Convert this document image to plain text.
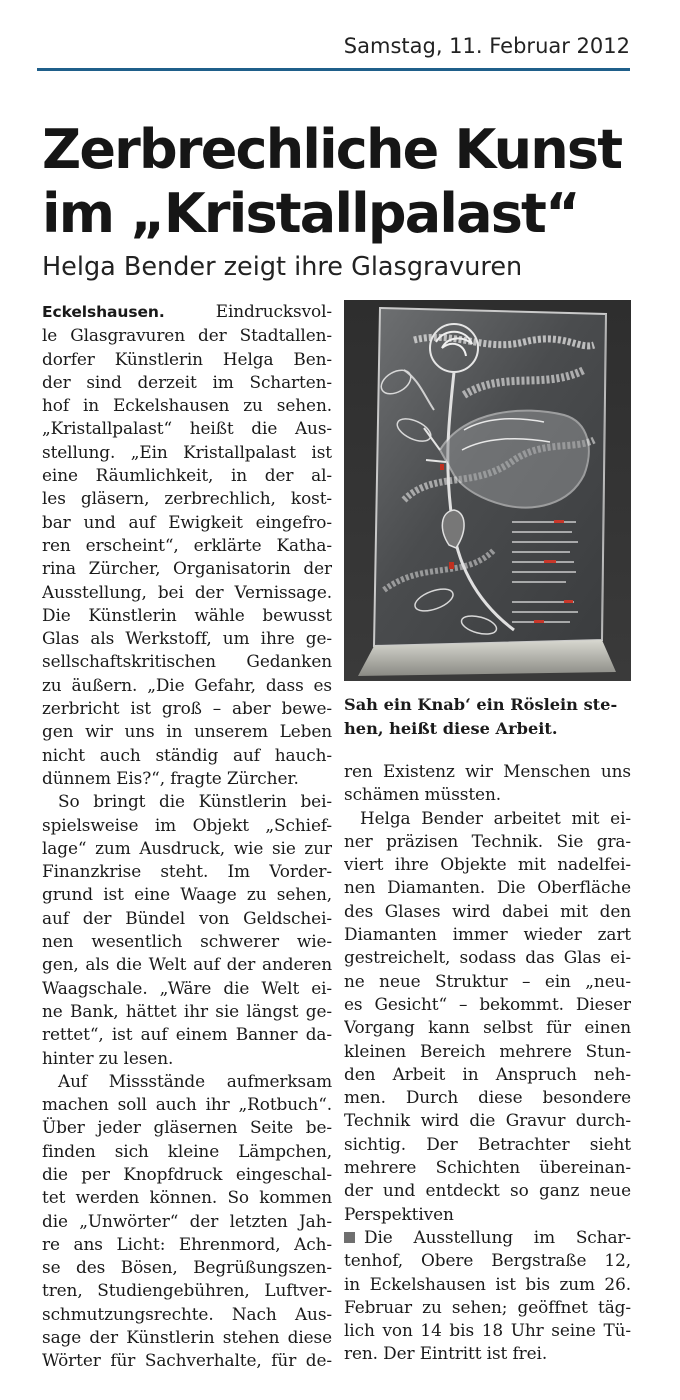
Samstag, 11. Februar 2012
Zerbrechliche Kunst
im „Kristallpalast“
Helga Bender zeigt ihre Glasgravuren
Eckelshausen. Eindrucksvol-
le Glasgravuren der Stadtallen-
dorfer Künstlerin Helga Ben-
der sind derzeit im Scharten-
hof in Eckelshausen zu sehen.
„Kristallpalast“ heißt die Aus-
stellung. „Ein Kristallpalast ist
eine Räumlichkeit, in der al-
les gläsern, zerbrechlich, kost-
bar und auf Ewigkeit eingefro-
ren erscheint“, erklärte Katha-
rina Zürcher, Organisatorin der
Ausstellung, bei der Vernissage.
Die Künstlerin wähle bewusst
Glas als Werkstoff, um ihre ge-
sellschaftskritischen Gedanken
zu äußern. „Die Gefahr, dass es
zerbricht ist groß – aber bewe-
gen wir uns in unserem Leben
nicht auch ständig auf hauch-
dünnem Eis?“, fragte Zürcher.
So bringt die Künstlerin bei-
spielsweise im Objekt „Schief-
lage“ zum Ausdruck, wie sie zur
Finanzkrise steht. Im Vorder-
grund ist eine Waage zu sehen,
auf der Bündel von Geldschei-
nen wesentlich schwerer wie-
gen, als die Welt auf der anderen
Waagschale. „Wäre die Welt ei-
ne Bank, hättet ihr sie längst ge-
rettet“, ist auf einem Banner da-
hinter zu lesen.
Auf Missstände aufmerksam
machen soll auch ihr „Rotbuch“.
Über jeder gläsernen Seite be-
finden sich kleine Lämpchen,
die per Knopfdruck eingeschal-
tet werden können. So kommen
die „Unwörter“ der letzten Jah-
re ans Licht: Ehrenmord, Ach-
se des Bösen, Begrüßungszen-
tren, Studiengebühren, Luftver-
schmutzungsrechte. Nach Aus-
sage der Künstlerin stehen diese
Wörter für Sachverhalte, für de-
Sah ein Knab‘ ein Röslein ste-
hen, heißt diese Arbeit.
ren Existenz wir Menschen uns
schämen müssten.
Helga Bender arbeitet mit ei-
ner präzisen Technik. Sie gra-
viert ihre Objekte mit nadelfei-
nen Diamanten. Die Oberfläche
des Glases wird dabei mit den
Diamanten immer wieder zart
gestreichelt, sodass das Glas ei-
ne neue Struktur – ein „neu-
es Gesicht“ – bekommt. Dieser
Vorgang kann selbst für einen
kleinen Bereich mehrere Stun-
den Arbeit in Anspruch neh-
men. Durch diese besondere
Technik wird die Gravur durch-
sichtig. Der Betrachter sieht
mehrere Schichten übereinan-
der und entdeckt so ganz neue
Perspektiven
Die Ausstellung im Schar-
tenhof, Obere Bergstraße 12,
in Eckelshausen ist bis zum 26.
Februar zu sehen; geöffnet täg-
lich von 14 bis 18 Uhr seine Tü-
ren. Der Eintritt ist frei.
